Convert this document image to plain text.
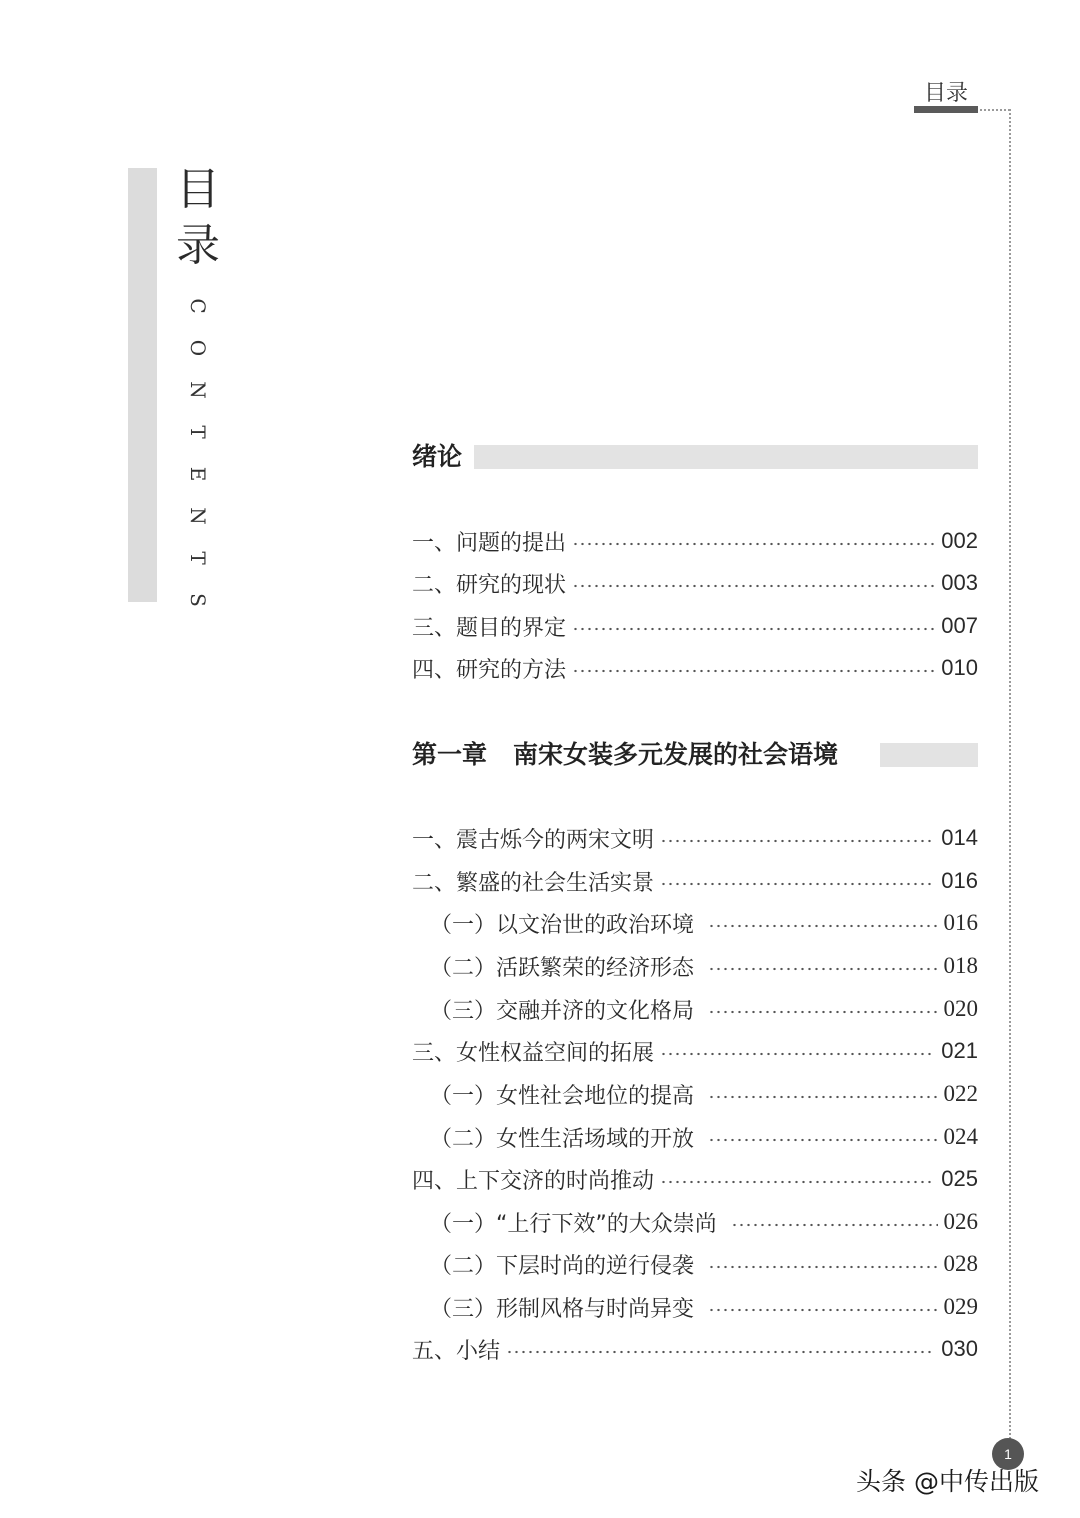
目录
目
录
C
O
N
T
E
N
T
S
绪论
一、问题的提出	002
二、研究的现状	003
三、题目的界定	007
四、研究的方法	010
第一章 南宋女装多元发展的社会语境
一、震古烁今的两宋文明	014
二、繁盛的社会生活实景	016
（一）以文治世的政治环境	016
（二）活跃繁荣的经济形态	018
（三）交融并济的文化格局	020
三、女性权益空间的拓展	021
（一）女性社会地位的提高	022
（二）女性生活场域的开放	024
四、上下交济的时尚推动	025
（一）“上行下效”的大众崇尚	026
（二）下层时尚的逆行侵袭	028
（三）形制风格与时尚异变	029
五、小结	030
1
头条 @中传出版
